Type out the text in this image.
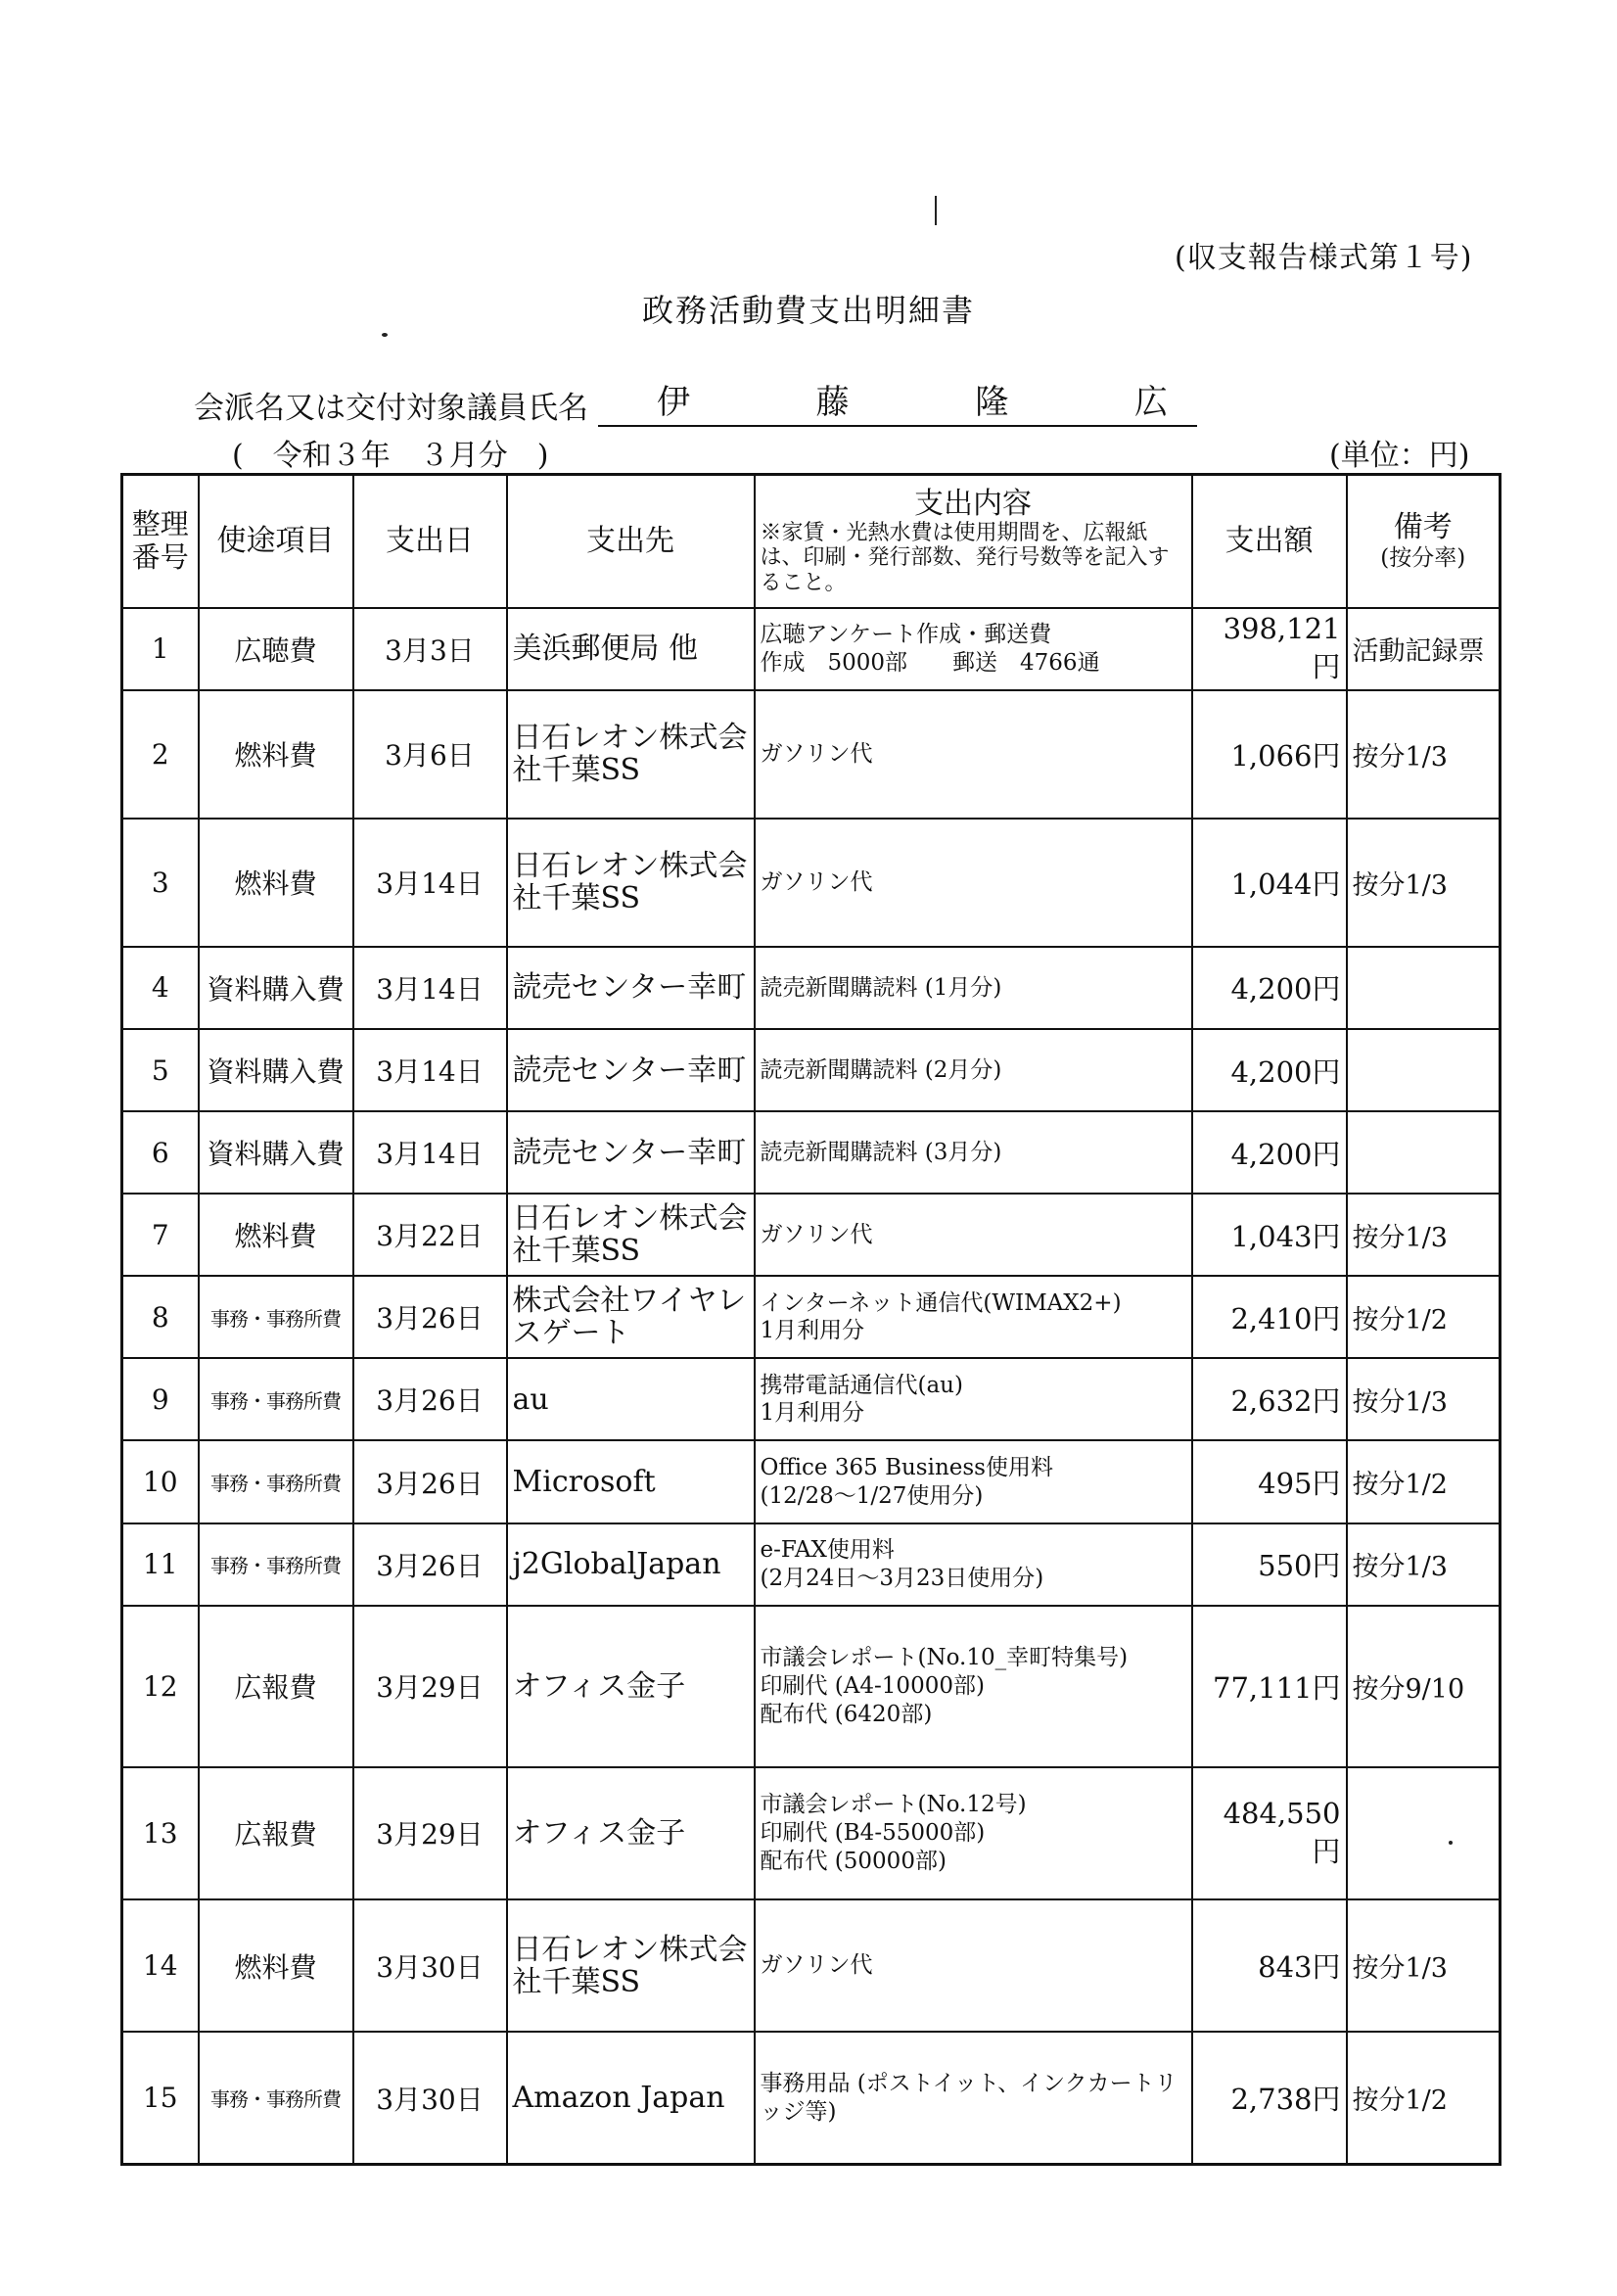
(収支報告様式第１号)
政務活動費支出明細書
会派名又は交付対象議員氏名 伊	藤	隆	広
(　令和３年　３月分　)	(単位：円)
整理番号	使途項目	支出日	支出先	支出内容
※家賃・光熱水費は使用期間を、広報紙は、印刷・発行部数、発行号数等を記入すること。	支出額	備考
(按分率)

1	広聴費	3月3日	美浜郵便局 他	広聴アンケート作成・郵送費
作成　5000部　　郵送　4766通	398,121円	活動記録票
2	燃料費	3月6日	日石レオン株式会社千葉SS	ガソリン代	1,066円	按分1/3
3	燃料費	3月14日	日石レオン株式会社千葉SS	ガソリン代	1,044円	按分1/3
4	資料購入費	3月14日	読売センター幸町	読売新聞購読料 (1月分)	4,200円	
5	資料購入費	3月14日	読売センター幸町	読売新聞購読料 (2月分)	4,200円	
6	資料購入費	3月14日	読売センター幸町	読売新聞購読料 (3月分)	4,200円	
7	燃料費	3月22日	日石レオン株式会社千葉SS	ガソリン代	1,043円	按分1/3
8	事務・事務所費	3月26日	株式会社ワイヤレスゲート	インターネット通信代(WIMAX2+)
1月利用分	2,410円	按分1/2
9	事務・事務所費	3月26日	au	携帯電話通信代(au)
1月利用分	2,632円	按分1/3
10	事務・事務所費	3月26日	Microsoft	Office 365 Business使用料
(12/28～1/27使用分)	495円	按分1/2
11	事務・事務所費	3月26日	j2GlobalJapan	e-FAX使用料
(2月24日～3月23日使用分)	550円	按分1/3
12	広報費	3月29日	オフィス金子	市議会レポート(No.10_幸町特集号)
印刷代 (A4-10000部)
配布代 (6420部)	77,111円	按分9/10
13	広報費	3月29日	オフィス金子	市議会レポート(No.12号)
印刷代 (B4-55000部)
配布代 (50000部)	484,550円	
14	燃料費	3月30日	日石レオン株式会社千葉SS	ガソリン代	843円	按分1/3
15	事務・事務所費	3月30日	Amazon Japan	事務用品 (ポストイット、インクカートリッジ等)	2,738円	按分1/2
